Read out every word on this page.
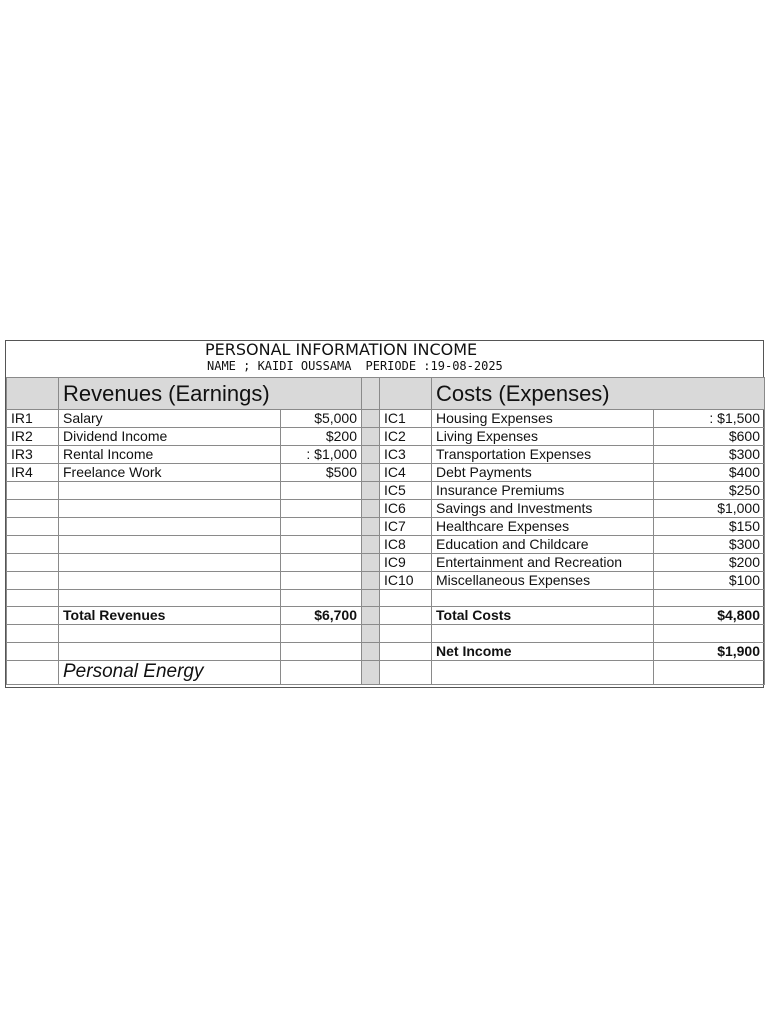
PERSONAL INFORMATION INCOME
NAME ; KAIDI OUSSAMA PERIODE :19-08-2025
	Revenues (Earnings)				Costs (Expenses)	
IR1	Salary	$5,000		IC1	Housing Expenses	: $1,500
IR2	Dividend Income	$200		IC2	Living Expenses	$600
IR3	Rental Income	: $1,000		IC3	Transportation Expenses	$300
IR4	Freelance Work	$500		IC4	Debt Payments	$400
				IC5	Insurance Premiums	$250
				IC6	Savings and Investments	$1,000
				IC7	Healthcare Expenses	$150
				IC8	Education and Childcare	$300
				IC9	Entertainment and Recreation	$200
				IC10	Miscellaneous Expenses	$100

	Total Revenues	$6,700			Total Costs	$4,800

					Net Income	$1,900
	Personal Energy					
